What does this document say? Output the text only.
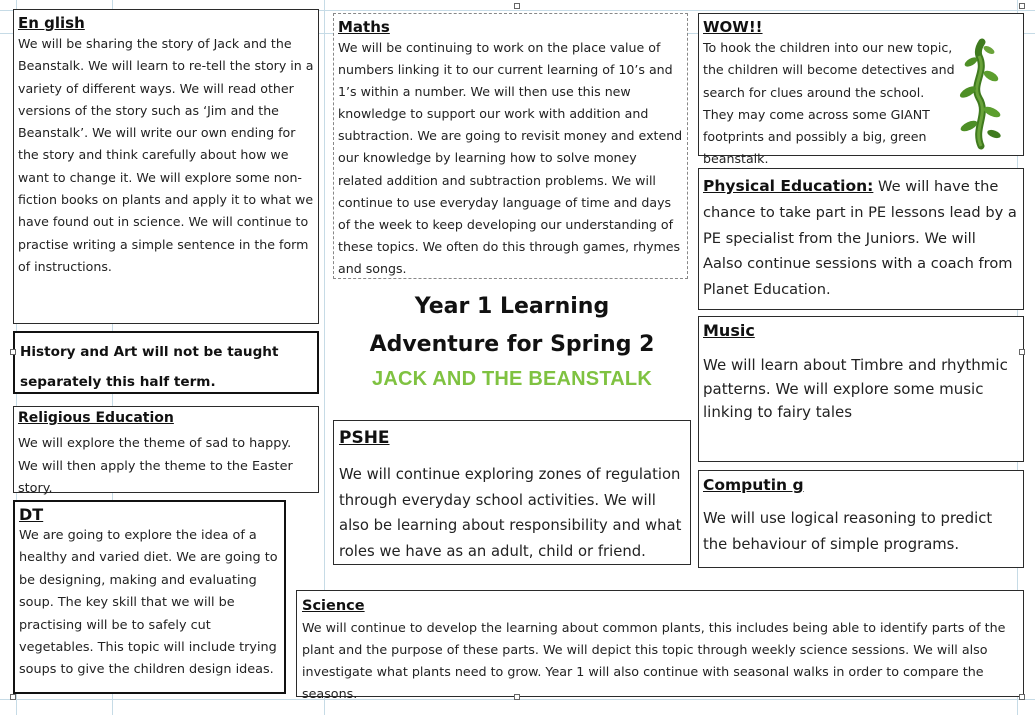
En glish
We will be sharing the story of Jack and the Beanstalk. We will learn to re-tell the story in a variety of different ways. We will read other versions of the story such as ‘Jim and the Beanstalk’. We will write our own ending for the story and think carefully about how we want to change it. We will explore some non-fiction books on plants and apply it to what we have found out in science. We will continue to practise writing a simple sentence in the form of instructions.
Maths
We will be continuing to work on the place value of numbers linking it to our current learning of 10’s and 1’s within a number. We will then use this new knowledge to support our work with addition and subtraction. We are going to revisit money and extend our knowledge by learning how to solve money related addition and subtraction problems. We will continue to use everyday language of time and days of the week to keep developing our understanding of these topics. We often do this through games, rhymes and songs.
WOW!!
To hook the children into our new topic, the children will become detectives and search for clues around the school. They may come across some GIANT footprints and possibly a big, green beanstalk.
Physical Education: We will have the chance to take part in PE lessons lead by a PE specialist from the Juniors. We will Aalso continue sessions with a coach from Planet Education.
History and Art will not be taught separately this half term.
Year 1 Learning
Adventure for Spring 2
JACK AND THE BEANSTALK
Music
We will learn about Timbre and rhythmic patterns. We will explore some music linking to fairy tales
Religious Education
We will explore the theme of sad to happy. We will then apply the theme to the Easter story.
PSHE
We will continue exploring zones of regulation through everyday school activities. We will also be learning about responsibility and what roles we have as an adult, child or friend.
Computin g
We will use logical reasoning to predict the behaviour of simple programs.
DT
We are going to explore the idea of a healthy and varied diet. We are going to be designing, making and evaluating soup. The key skill that we will be practising will be to safely cut vegetables. This topic will include trying soups to give the children design ideas.
Science
We will continue to develop the learning about common plants, this includes being able to identify parts of the plant and the purpose of these parts. We will depict this topic through weekly science sessions. We will also investigate what plants need to grow. Year 1 will also continue with seasonal walks in order to compare the seasons.
